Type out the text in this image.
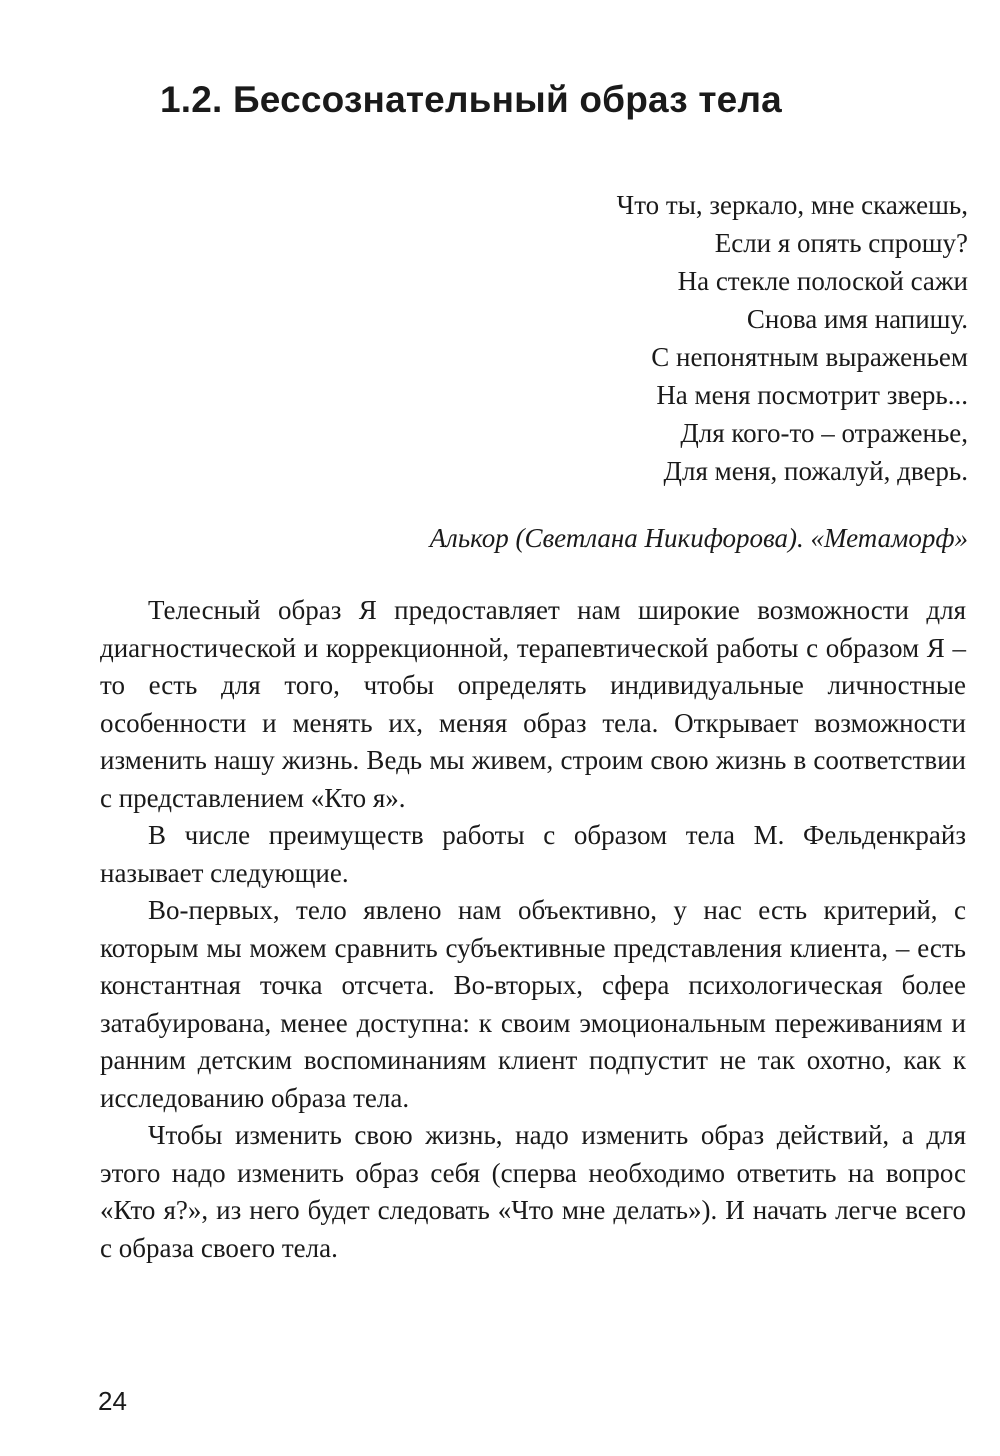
1.2. Бессознательный образ тела
Что ты, зеркало, мне скажешь,
Если я опять спрошу?
На стекле полоской сажи
Снова имя напишу.
С непонятным выраженьем
На меня посмотрит зверь...
Для кого-то – отраженье,
Для меня, пожалуй, дверь.
Алькор (Светлана Никифорова). «Метаморф»

Телесный образ Я предоставляет нам широкие возможности для диагностической и коррекционной, терапевтической работы с образом Я – то есть для того, чтобы определять индивидуальные личностные особенности и менять их, меняя образ тела. Открывает возможности изменить нашу жизнь. Ведь мы живем, строим свою жизнь в соответствии с представлением «Кто я».

В числе преимуществ работы с образом тела М. Фельденкрайз называет следующие.

Во-первых, тело явлено нам объективно, у нас есть критерий, с которым мы можем сравнить субъективные представления клиента, – есть константная точка отсчета. Во-вторых, сфера психологическая более затабуирована, менее доступна: к своим эмоциональным переживаниям и ранним детским воспоминаниям клиент подпустит не так охотно, как к исследованию образа тела.

Чтобы изменить свою жизнь, надо изменить образ действий, а для этого надо изменить образ себя (сперва необходимо ответить на вопрос «Кто я?», из него будет следовать «Что мне делать»). И начать легче всего с образа своего тела.

24
